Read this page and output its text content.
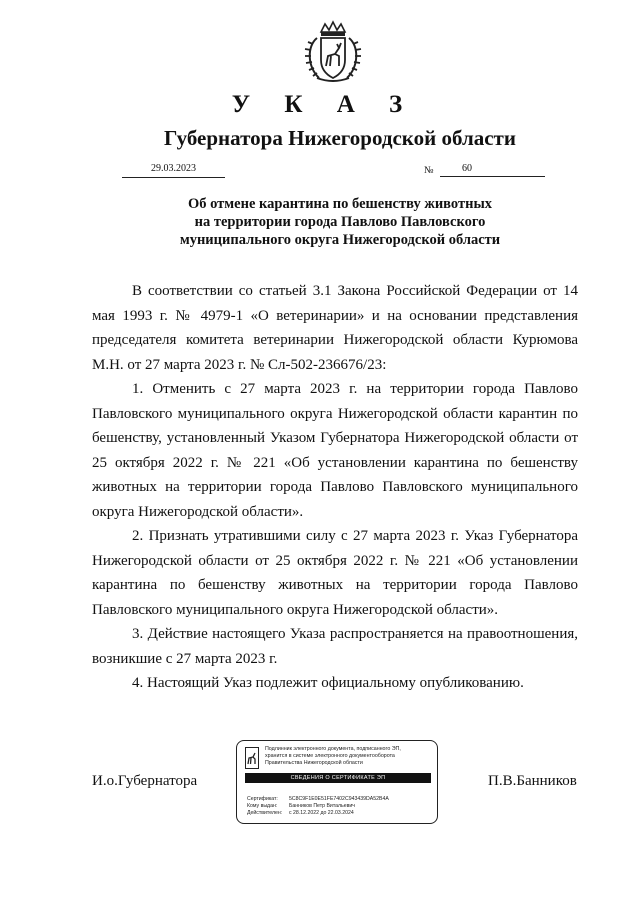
У К А З
Губернатора Нижегородской области
29.03.2023	№	60
Об отмене карантина по бешенству животных
на территории города Павлово Павловского
муниципального округа Нижегородской области

В соответствии со статьей 3.1 Закона Российской Федерации от 14 мая 1993 г. № 4979-1 «О ветеринарии» и на основании представления председателя комитета ветеринарии Нижегородской области Курюмова М.Н. от 27 марта 2023 г. № Сл-502-236676/23:

1. Отменить с 27 марта 2023 г. на территории города Павлово Павловского муниципального округа Нижегородской области карантин по бешенству, установленный Указом Губернатора Нижегородской области от 25 октября 2022 г. № 221 «Об установлении карантина по бешенству животных на территории города Павлово Павловского муниципального округа Нижегородской области».

2. Признать утратившими силу с 27 марта 2023 г. Указ Губернатора Нижегородской области от 25 октября 2022 г. № 221 «Об установлении карантина по бешенству животных на территории города Павлово Павловского муниципального округа Нижегородской области».

3. Действие настоящего Указа распространяется на правоотношения, возникшие с 27 марта 2023 г.

4. Настоящий Указ подлежит официальному опубликованию.

И.о.Губернатора	П.В.Банников
Подлинник электронного документа, подписанного ЭП,
хранится в системе электронного документооборота
Правительства Нижегородской области
СВЕДЕНИЯ О СЕРТИФИКАТЕ ЭП
Сертификат: 5C8C9F1E0E51FE7402C943439DA52B4A
Кому выдан: Банников Петр Витальевич
Действителен: с 28.12.2022 до 22.03.2024
